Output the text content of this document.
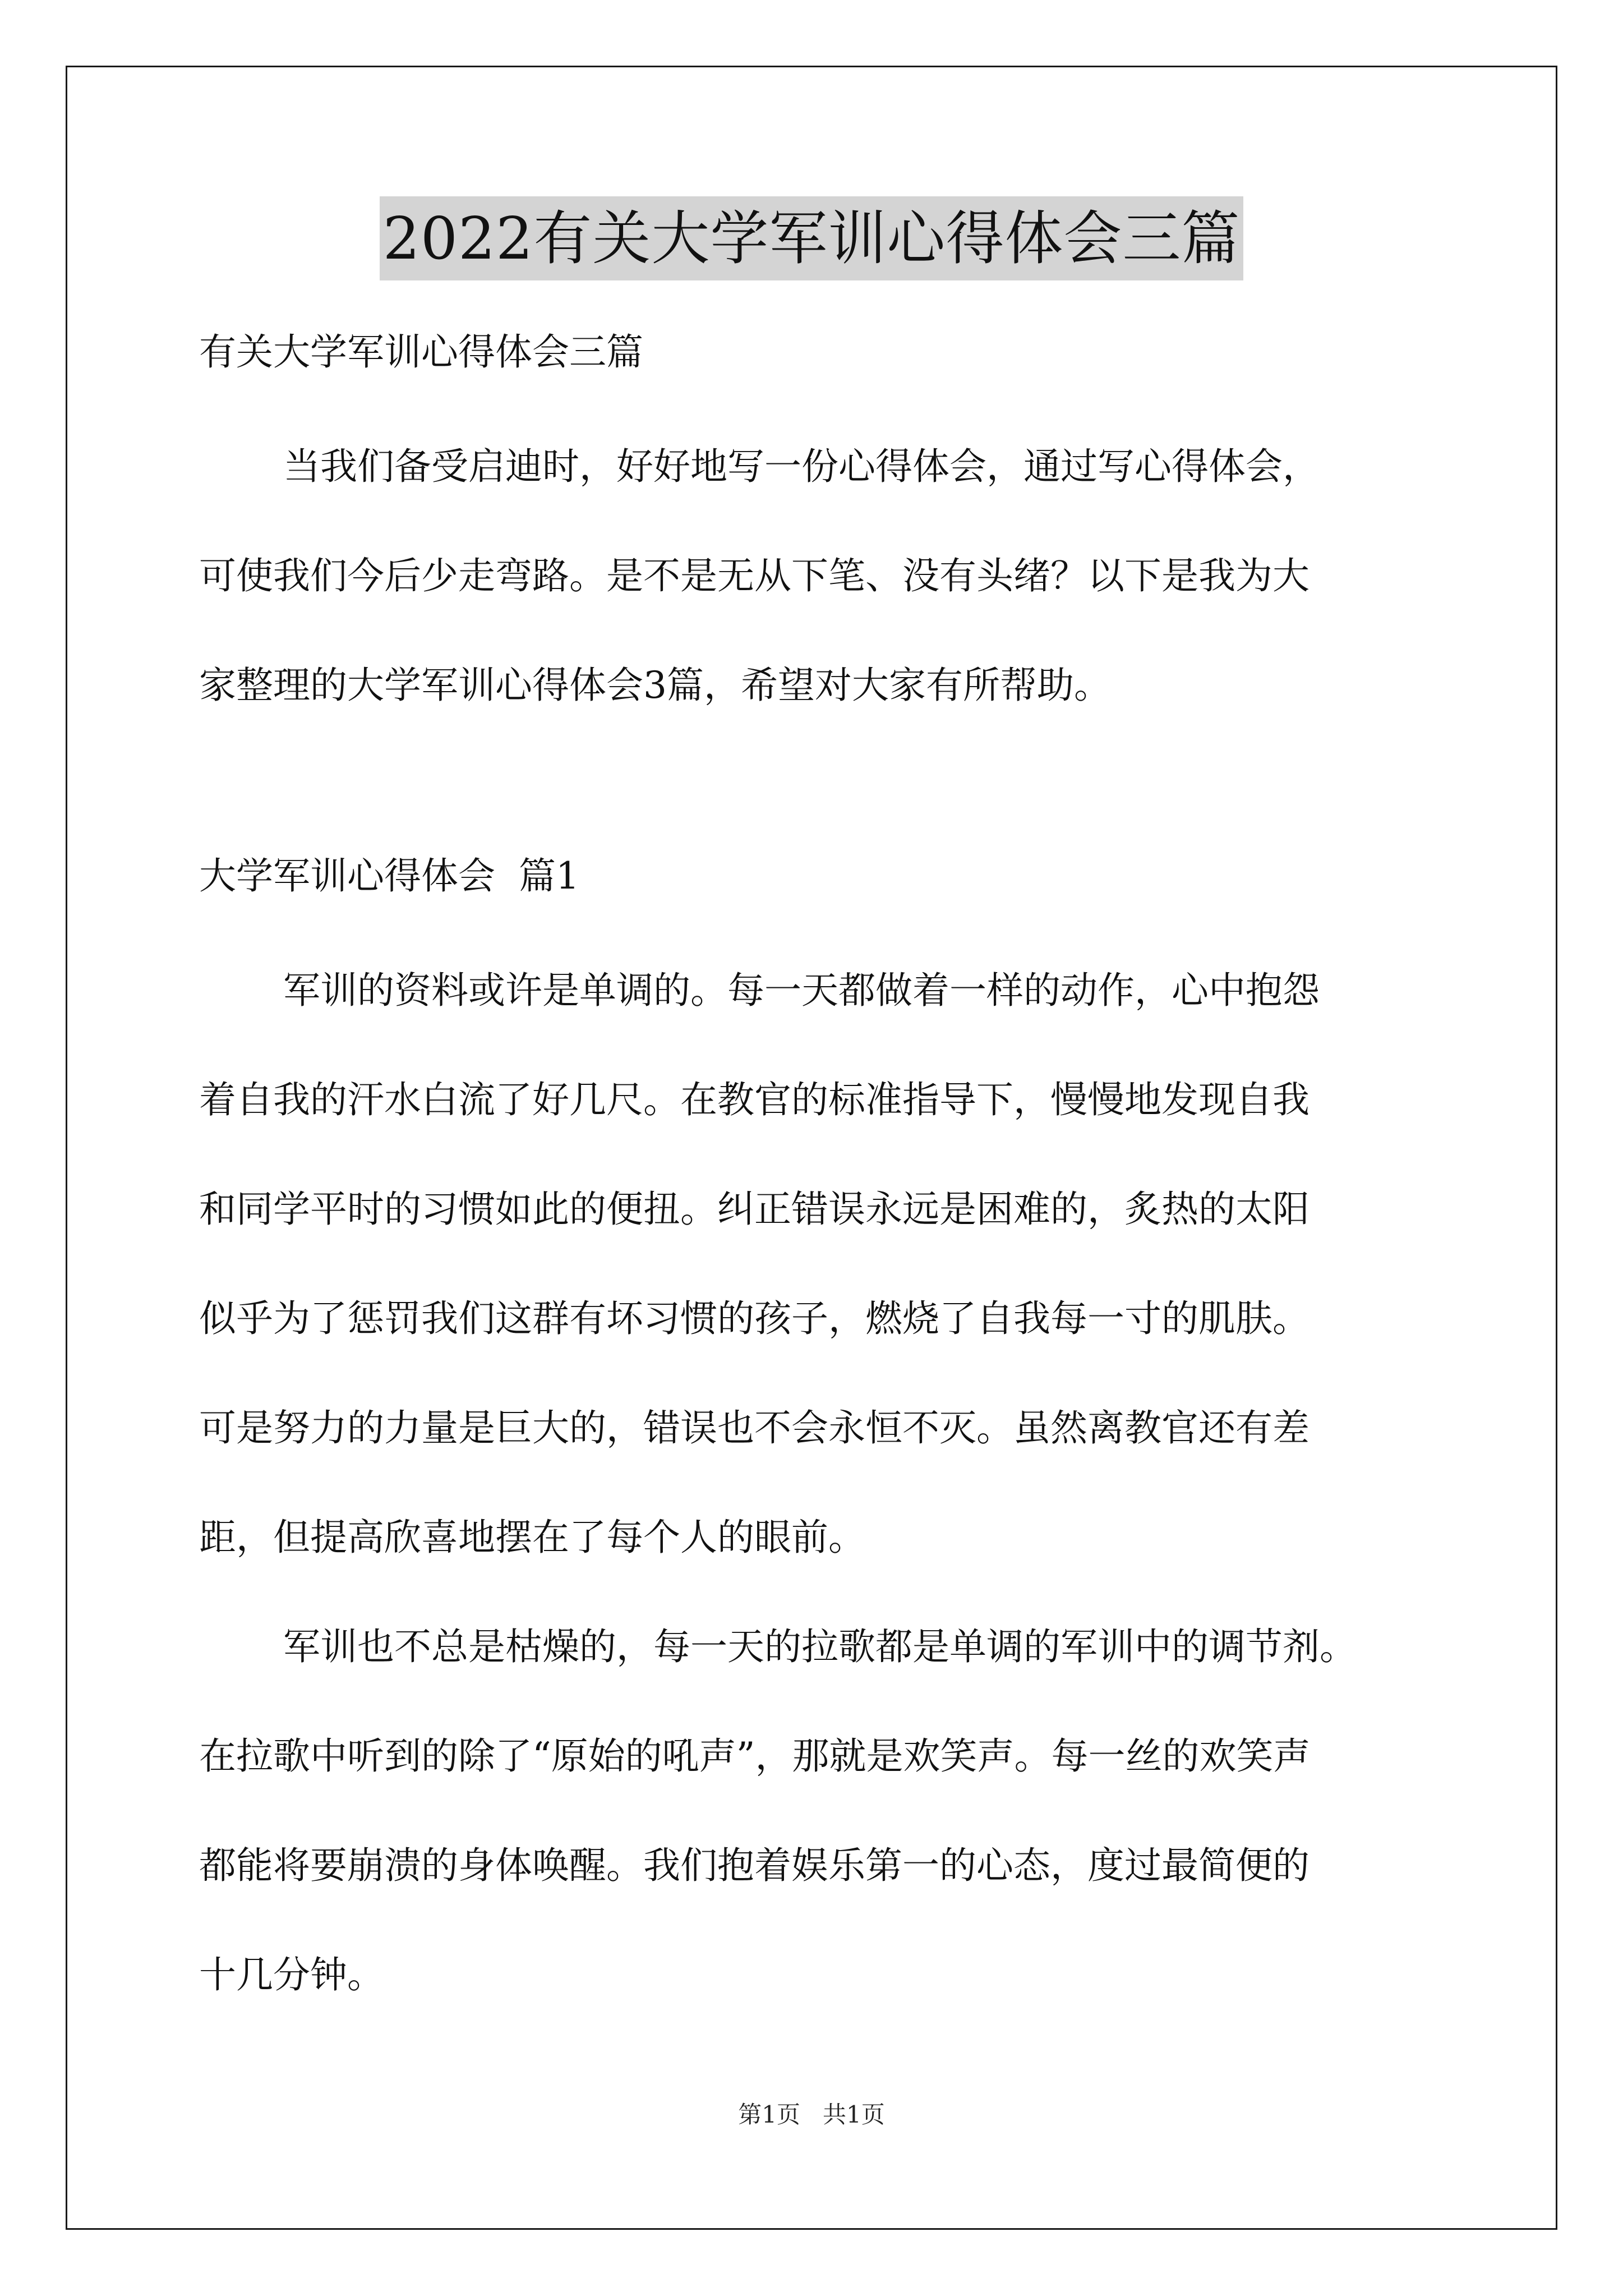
2022有关大学军训心得体会三篇
有关大学军训心得体会三篇
当我们备受启迪时，好好地写一份心得体会，通过写心得体会，
可使我们今后少走弯路。是不是无从下笔、没有头绪？以下是我为大
家整理的大学军训心得体会3篇，希望对大家有所帮助。
大学军训心得体会  篇1
军训的资料或许是单调的。每一天都做着一样的动作，心中抱怨
着自我的汗水白流了好几尺。在教官的标准指导下，慢慢地发现自我
和同学平时的习惯如此的便扭。纠正错误永远是困难的，炙热的太阳
似乎为了惩罚我们这群有坏习惯的孩子，燃烧了自我每一寸的肌肤。
可是努力的力量是巨大的，错误也不会永恒不灭。虽然离教官还有差
距，但提高欣喜地摆在了每个人的眼前。
军训也不总是枯燥的，每一天的拉歌都是单调的军训中的调节剂。
在拉歌中听到的除了“原始的吼声”，那就是欢笑声。每一丝的欢笑声
都能将要崩溃的身体唤醒。我们抱着娱乐第一的心态，度过最简便的
十几分钟。
第1页   共1页
